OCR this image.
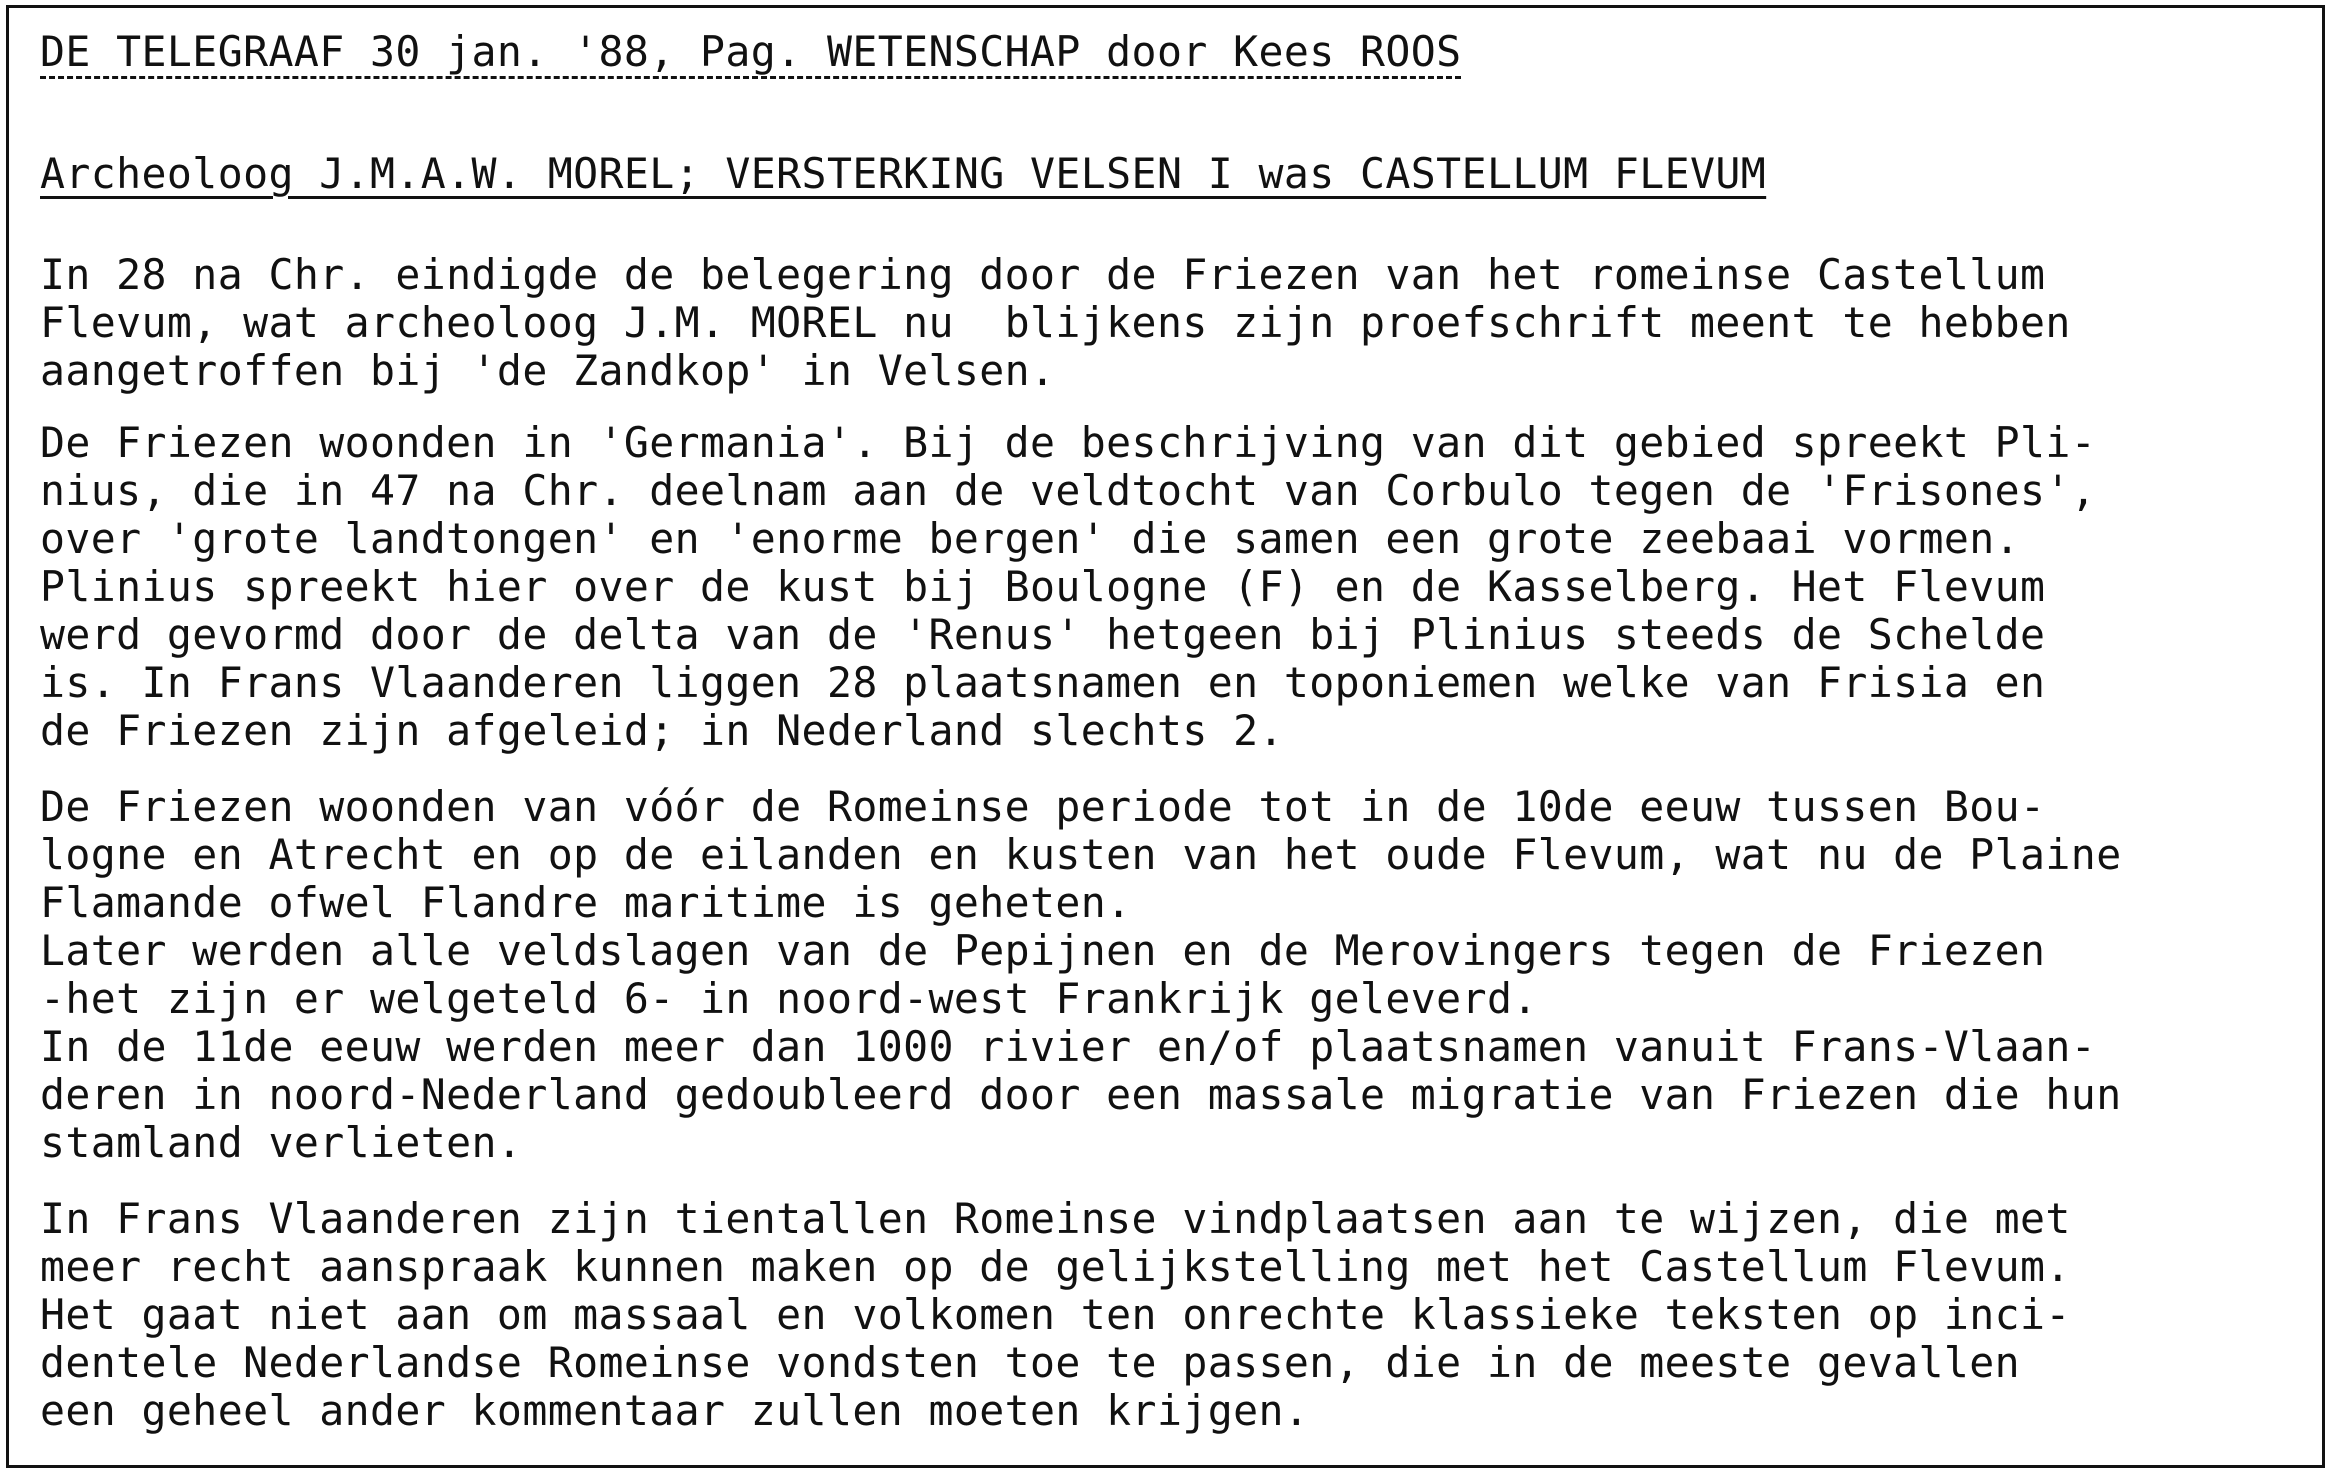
DE TELEGRAAF 30 jan. '88, Pag. WETENSCHAP door Kees ROOS

Archeoloog J.M.A.W. MOREL; VERSTERKING VELSEN I was CASTELLUM FLEVUM

In 28 na Chr. eindigde de belegering door de Friezen van het romeinse Castellum

Flevum, wat archeoloog J.M. MOREL nu  blijkens zijn proefschrift meent te hebben

aangetroffen bij 'de Zandkop' in Velsen.

De Friezen woonden in 'Germania'. Bij de beschrijving van dit gebied spreekt Pli-

nius, die in 47 na Chr. deelnam aan de veldtocht van Corbulo tegen de 'Frisones',

over 'grote landtongen' en 'enorme bergen' die samen een grote zeebaai vormen.

Plinius spreekt hier over de kust bij Boulogne (F) en de Kasselberg. Het Flevum

werd gevormd door de delta van de 'Renus' hetgeen bij Plinius steeds de Schelde

is. In Frans Vlaanderen liggen 28 plaatsnamen en toponiemen welke van Frisia en

de Friezen zijn afgeleid; in Nederland slechts 2.

De Friezen woonden van vóór de Romeinse periode tot in de 10de eeuw tussen Bou-

logne en Atrecht en op de eilanden en kusten van het oude Flevum, wat nu de Plaine

Flamande ofwel Flandre maritime is geheten.

Later werden alle veldslagen van de Pepijnen en de Merovingers tegen de Friezen

-het zijn er welgeteld 6- in noord-west Frankrijk geleverd.

In de 11de eeuw werden meer dan 1000 rivier en/of plaatsnamen vanuit Frans-Vlaan-

deren in noord-Nederland gedoubleerd door een massale migratie van Friezen die hun

stamland verlieten.

In Frans Vlaanderen zijn tientallen Romeinse vindplaatsen aan te wijzen, die met

meer recht aanspraak kunnen maken op de gelijkstelling met het Castellum Flevum.

Het gaat niet aan om massaal en volkomen ten onrechte klassieke teksten op inci-

dentele Nederlandse Romeinse vondsten toe te passen, die in de meeste gevallen

een geheel ander kommentaar zullen moeten krijgen.
